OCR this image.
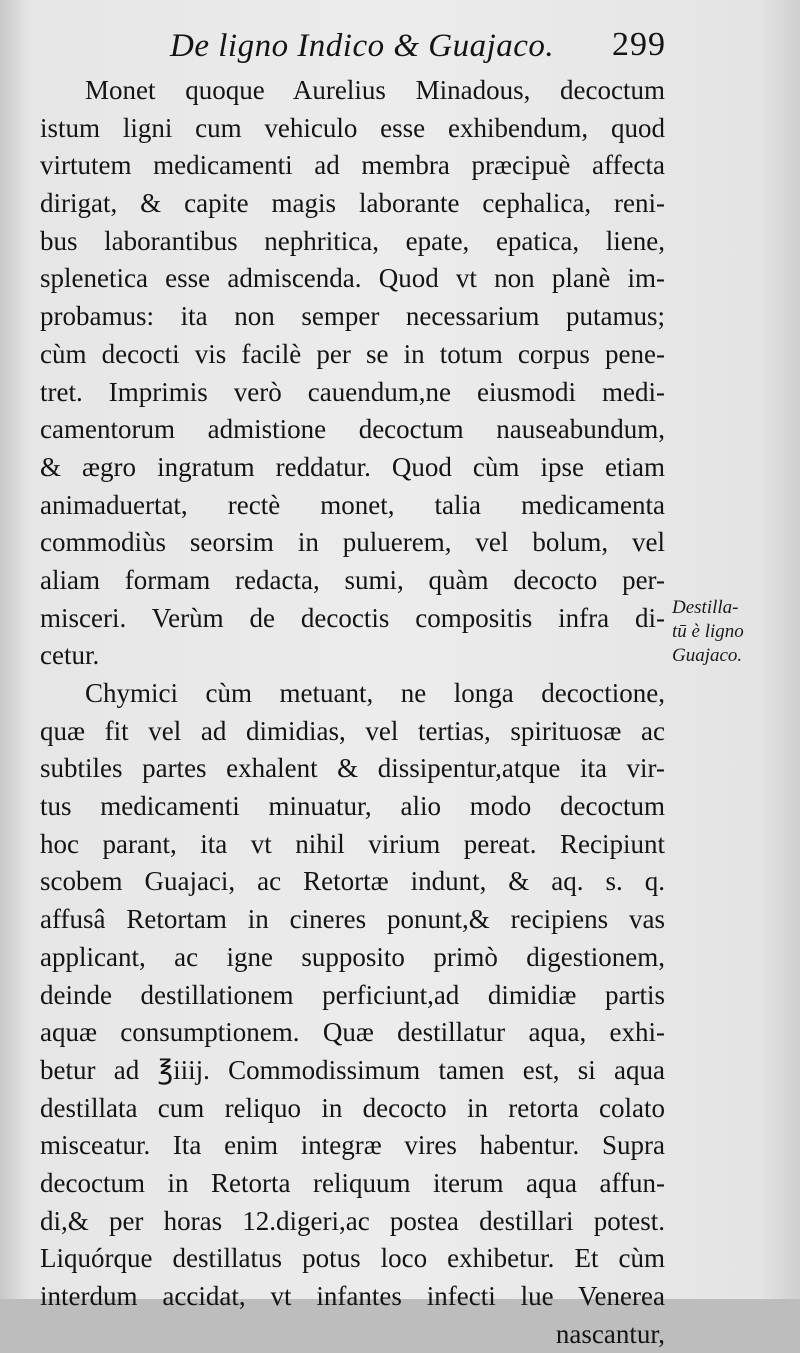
De ligno Indico & Guajaco. 299
Monet quoque Aurelius Minadous, decoctum
istum ligni cum vehiculo esse exhibendum, quod
virtutem medicamenti ad membra præcipuè affecta
dirigat, & capite magis laborante cephalica, reni-
bus laborantibus nephritica, epate, epatica, liene,
splenetica esse admiscenda. Quod vt non planè im-
probamus: ita non semper necessarium putamus;
cùm decocti vis facilè per se in totum corpus pene-
tret. Imprimis verò cauendum,ne eiusmodi medi-
camentorum admistione decoctum nauseabundum,
& ægro ingratum reddatur. Quod cùm ipse etiam
animaduertat, rectè monet, talia medicamenta
commodiùs seorsim in puluerem, vel bolum, vel
aliam formam redacta, sumi, quàm decocto per-
misceri. Verùm de decoctis compositis infra di-
cetur.
Chymici cùm metuant, ne longa decoctione,
quæ fit vel ad dimidias, vel tertias, spirituosæ ac
subtiles partes exhalent & dissipentur,atque ita vir-
tus medicamenti minuatur, alio modo decoctum
hoc parant, ita vt nihil virium pereat. Recipiunt
scobem Guajaci, ac Retortæ indunt, & aq. s. q.
affusâ Retortam in cineres ponunt,& recipiens vas
applicant, ac igne supposito primò digestionem,
deinde destillationem perficiunt,ad dimidiæ partis
aquæ consumptionem. Quæ destillatur aqua, exhi-
betur ad ℥iiij. Commodissimum tamen est, si aqua
destillata cum reliquo in decocto in retorta colato
misceatur. Ita enim integræ vires habentur. Supra
decoctum in Retorta reliquum iterum aqua affun-
di,& per horas 12.digeri,ac postea destillari potest.
Liquórque destillatus potus loco exhibetur. Et cùm
interdum accidat, vt infantes infecti lue Venerea
nascantur,
Destilla-
tū è ligno
Guajaco.
